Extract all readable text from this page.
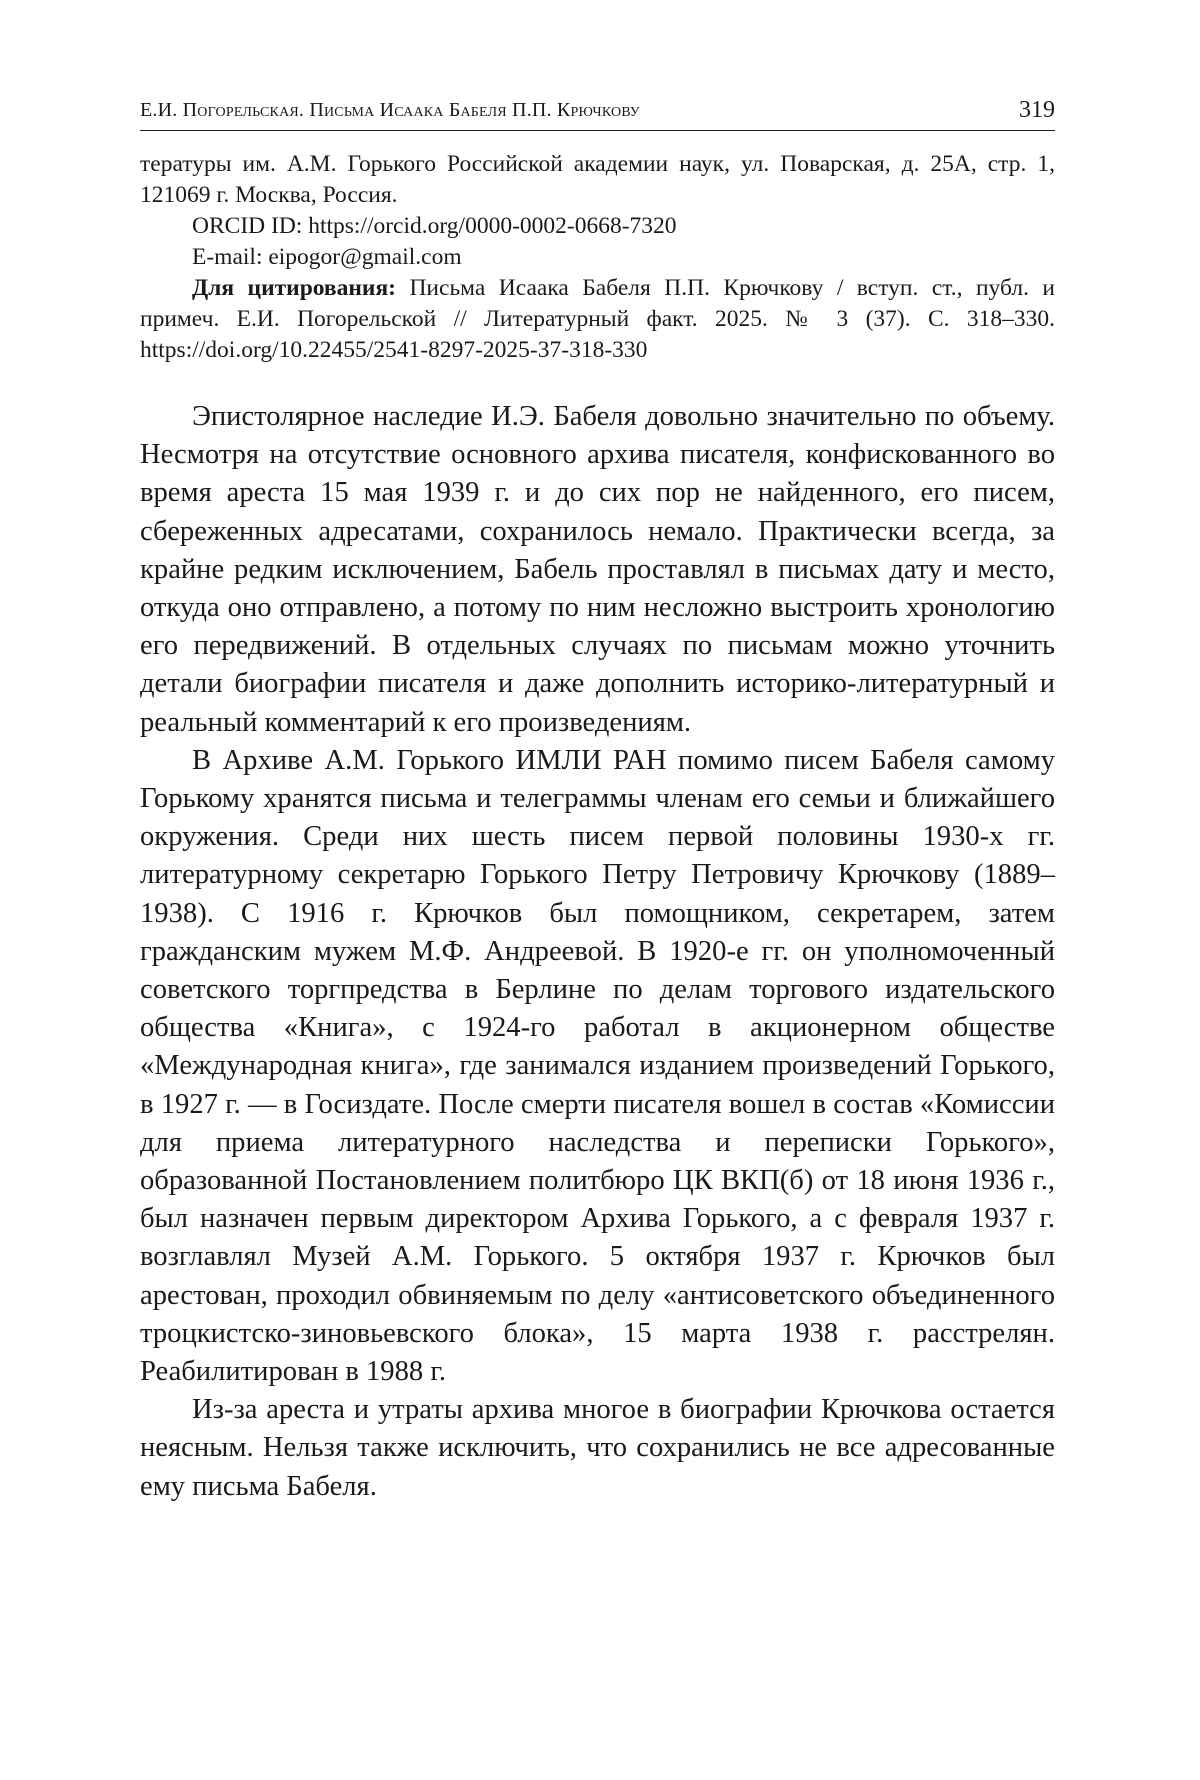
Е.И. Погорельская. Письма Исаака Бабеля П.П. Крючкову	319

тературы им. А.М. Горького Российской академии наук, ул. Поварская, д. 25А, стр. 1, 121069 г. Москва, Россия.

ORCID ID: https://orcid.org/0000-0002-0668-7320

E-mail: eipogor@gmail.com

Для цитирования: Письма Исаака Бабеля П.П. Крючкову / вступ. ст., публ. и примеч. Е.И. Погорельской // Литературный факт. 2025. № 3 (37). С. 318–330. https://doi.org/10.22455/2541-8297-2025-37-318-330

Эпистолярное наследие И.Э. Бабеля довольно значительно по объему. Несмотря на отсутствие основного архива писателя, конфискованного во время ареста 15 мая 1939 г. и до сих пор не найденного, его писем, сбереженных адресатами, сохранилось немало. Практически всегда, за крайне редким исключением, Бабель проставлял в письмах дату и место, откуда оно отправлено, а потому по ним несложно выстроить хронологию его передвижений. В отдельных случаях по письмам можно уточнить детали биографии писателя и даже дополнить историко-литературный и реальный комментарий к его произведениям.

В Архиве А.М. Горького ИМЛИ РАН помимо писем Бабеля самому Горькому хранятся письма и телеграммы членам его семьи и ближайшего окружения. Среди них шесть писем первой половины 1930-х гг. литературному секретарю Горького Петру Петровичу Крючкову (1889–1938). С 1916 г. Крючков был помощником, секретарем, затем гражданским мужем М.Ф. Андреевой. В 1920-е гг. он уполномоченный советского торгпредства в Берлине по делам торгового издательского общества «Книга», с 1924-го работал в акционерном обществе «Международная книга», где занимался изданием произведений Горького, в 1927 г. — в Госиздате. После смерти писателя вошел в состав «Комиссии для приема литературного наследства и переписки Горького», образованной Постановлением политбюро ЦК ВКП(б) от 18 июня 1936 г., был назначен первым директором Архива Горького, а с февраля 1937 г. возглавлял Музей А.М. Горького. 5 октября 1937 г. Крючков был арестован, проходил обвиняемым по делу «антисоветского объединенного троцкистско-зиновьевского блока», 15 марта 1938 г. расстрелян. Реабилитирован в 1988 г.

Из-за ареста и утраты архива многое в биографии Крючкова остается неясным. Нельзя также исключить, что сохранились не все адресованные ему письма Бабеля.
